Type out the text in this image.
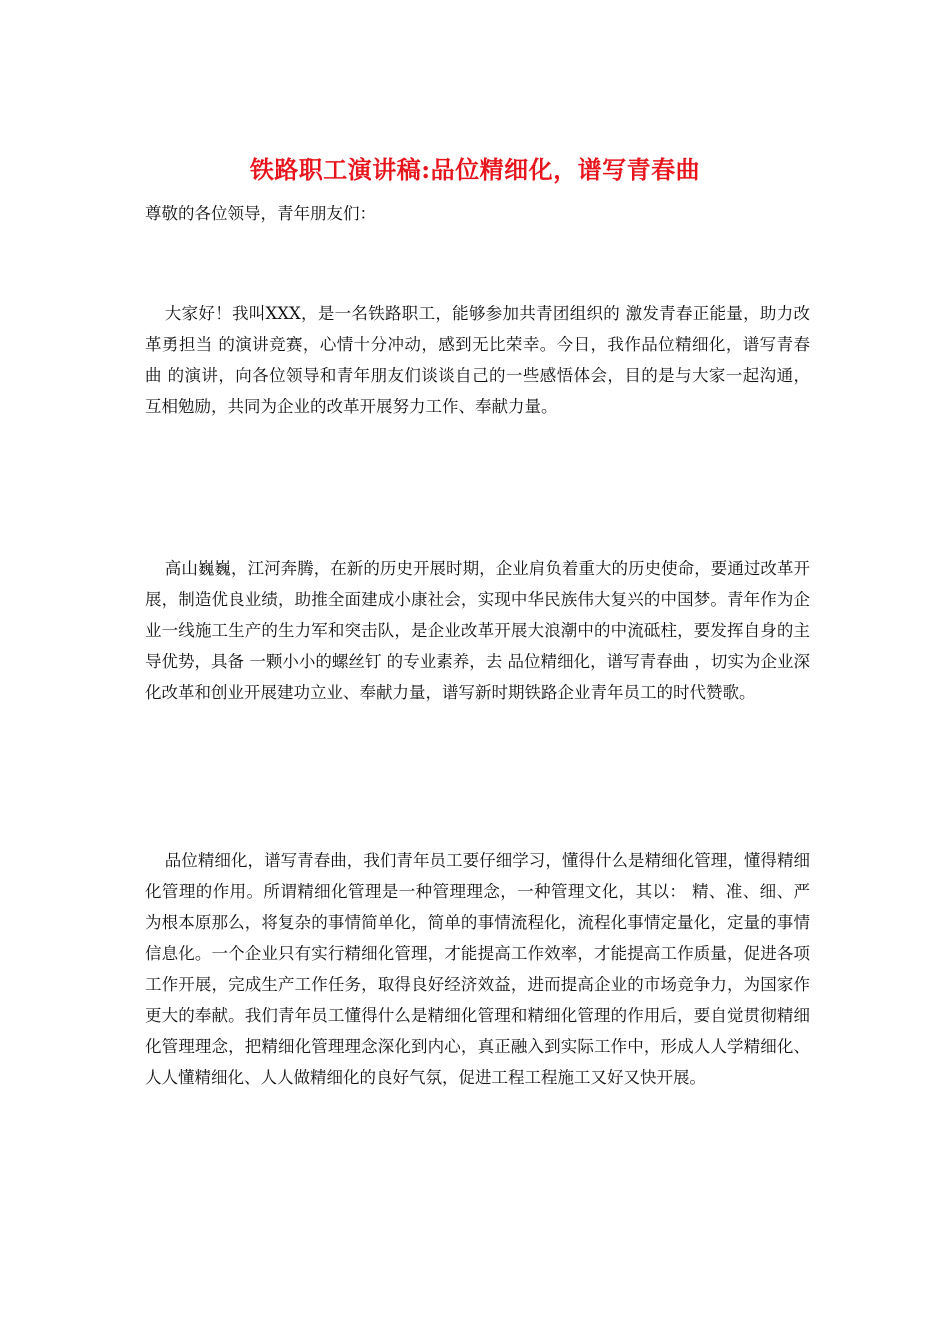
铁路职工演讲稿:品位精细化，谱写青春曲
尊敬的各位领导，青年朋友们：

大家好！我叫XXX，是一名铁路职工，能够参加共青团组织的 激发青春正能量，助力改革勇担当 的演讲竞赛，心情十分冲动，感到无比荣幸。今日，我作品位精细化，谱写青春曲 的演讲，向各位领导和青年朋友们谈谈自己的一些感悟体会，目的是与大家一起沟通，互相勉励，共同为企业的改革开展努力工作、奉献力量。

高山巍巍，江河奔腾，在新的历史开展时期，企业肩负着重大的历史使命，要通过改革开展，制造优良业绩，助推全面建成小康社会，实现中华民族伟大复兴的中国梦。青年作为企业一线施工生产的生力军和突击队，是企业改革开展大浪潮中的中流砥柱，要发挥自身的主导优势，具备 一颗小小的螺丝钉 的专业素养，去 品位精细化，谱写青春曲 ，切实为企业深化改革和创业开展建功立业、奉献力量，谱写新时期铁路企业青年员工的时代赞歌。

品位精细化，谱写青春曲，我们青年员工要仔细学习，懂得什么是精细化管理，懂得精细化管理的作用。所谓精细化管理是一种管理理念，一种管理文化，其以： 精、准、细、严 为根本原那么，将复杂的事情简单化，简单的事情流程化，流程化事情定量化，定量的事情信息化。一个企业只有实行精细化管理，才能提高工作效率，才能提高工作质量，促进各项工作开展，完成生产工作任务，取得良好经济效益，进而提高企业的市场竞争力，为国家作更大的奉献。我们青年员工懂得什么是精细化管理和精细化管理的作用后，要自觉贯彻精细化管理理念，把精细化管理理念深化到内心，真正融入到实际工作中，形成人人学精细化、人人懂精细化、人人做精细化的良好气氛，促进工程工程施工又好又快开展。
